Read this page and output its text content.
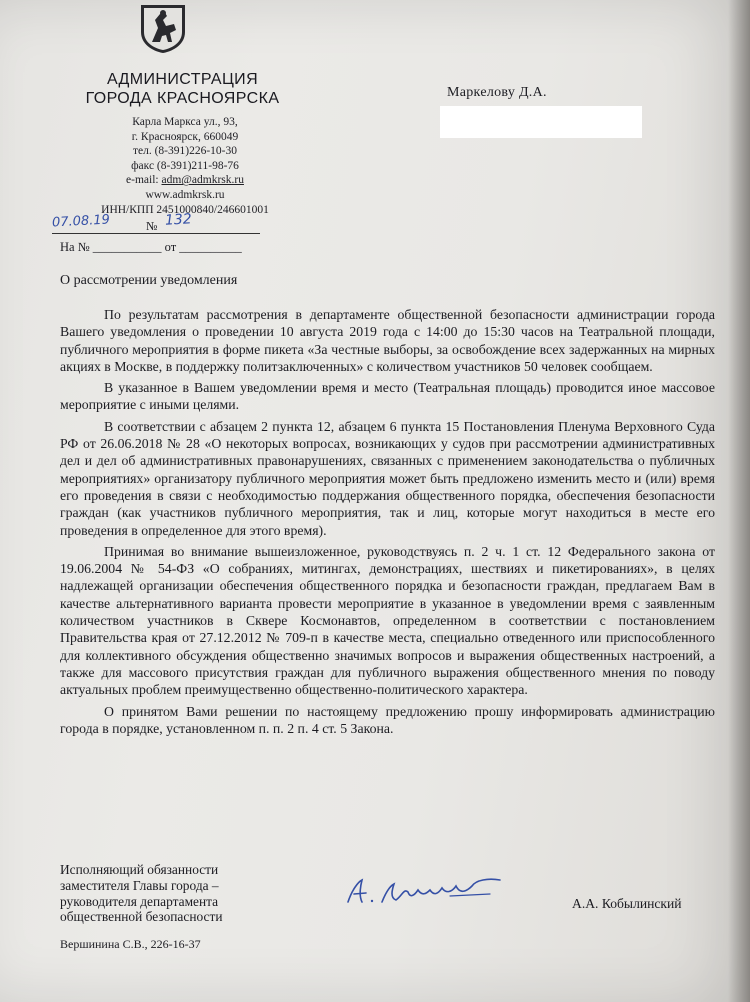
АДМИНИСТРАЦИЯ
ГОРОДА КРАСНОЯРСКА
Карла Маркса ул., 93,
г. Красноярск, 660049
тел. (8-391)226-10-30
факс (8-391)211-98-76
e-mail: adm@admkrsk.ru
www.admkrsk.ru
ИНН/КПП 2451000840/246601001
07.08.19	№ 132
На № ___________ от __________
Маркелову Д.А.
О рассмотрении уведомления

По результатам рассмотрения в департаменте общественной безопасности администрации города Вашего уведомления о проведении 10 августа 2019 года с 14:00 до 15:30 часов на Театральной площади, публичного мероприятия в форме пикета «За честные выборы, за освобождение всех задержанных на мирных акциях в Москве, в поддержку политзаключенных» с количеством участников 50 человек сообщаем.

В указанное в Вашем уведомлении время и место (Театральная площадь) проводится иное массовое мероприятие с иными целями.

В соответствии с абзацем 2 пункта 12, абзацем 6 пункта 15 Постановления Пленума Верховного Суда РФ от 26.06.2018 № 28 «О некоторых вопросах, возникающих у судов при рассмотрении административных дел и дел об административных правонарушениях, связанных с применением законодательства о публичных мероприятиях» организатору публичного мероприятия может быть предложено изменить место и (или) время его проведения в связи с необходимостью поддержания общественного порядка, обеспечения безопасности граждан (как участников публичного мероприятия, так и лиц, которые могут находиться в месте его проведения в определенное для этого время).

Принимая во внимание вышеизложенное, руководствуясь п. 2 ч. 1 ст. 12 Федерального закона от 19.06.2004 № 54-ФЗ «О собраниях, митингах, демонстрациях, шествиях и пикетированиях», в целях надлежащей организации обеспечения общественного порядка и безопасности граждан, предлагаем Вам в качестве альтернативного варианта провести мероприятие в указанное в уведомлении время с заявленным количеством участников в Сквере Космонавтов, определенном в соответствии с постановлением Правительства края от 27.12.2012 № 709-п в качестве места, специально отведенного или приспособленного для коллективного обсуждения общественно значимых вопросов и выражения общественных настроений, а также для массового присутствия граждан для публичного выражения общественного мнения по поводу актуальных проблем преимущественно общественно-политического характера.

О принятом Вами решении по настоящему предложению прошу информировать администрацию города в порядке, установленном п. п. 2 п. 4 ст. 5 Закона.

Исполняющий обязанности
заместителя Главы города –
руководителя департамента
общественной безопасности
А.А. Кобылинский
Вершинина С.В., 226-16-37
